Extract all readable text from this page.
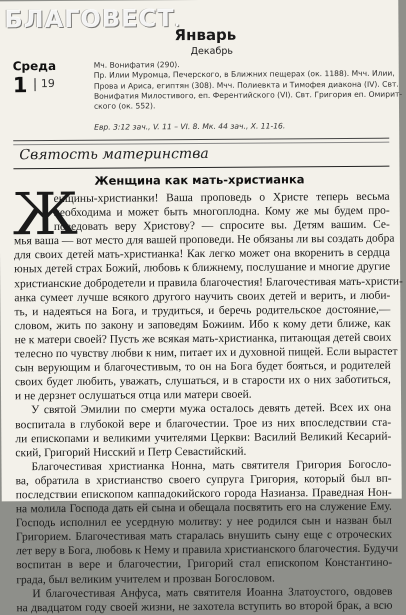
БЛАГОВЕСТ.
Январь
Декабрь
Среда
1 | 19
Мч. Вонифатия (290).
Пр. Илии Муромца, Печерского, в Ближних пещерах (ок. 1188). Мчч. Илии,
Прова и Ариса, египтян (308). Мчч. Полиевкта и Тимофея диакона (IV). Свт.
Вонифатия Милостивого, еп. Ферентийского (VI). Свт. Григория еп. Омирит-
ского (ок. 552).
Евр. 3:12 зач., V. 11 – VI. 8. Мк. 44 зач., X. 11-16.
Святость материнства
Женщина как мать-христианка
Ж
енщины-христианки! Ваша проповедь о Христе теперь весьма
необходима и может быть многоплодна. Кому же мы будем про-
поведовать веру Христову? — спросите вы. Детям вашим. Се-
мья ваша — вот место для вашей проповеди. Не обязаны ли вы создать добра
для своих детей мать-христианка! Как легко может она вкоренить в сердца
юных детей страх Божий, любовь к ближнему, послушание и многие другие
христианские добродетели и правила благочестия! Благочестивая мать-христи-
анка сумеет лучше всякого другого научить своих детей и верить, и люби-
ть, и надеяться на Бога, и трудиться, и беречь родительское достояние,—
словом, жить по закону и заповедям Божиим. Ибо к кому дети ближе, как
не к матери своей? Пусть же всякая мать-христианка, питающая детей своих
телесно по чувству любви к ним, питает их и духовной пищей. Если вырастет
сын верующим и благочестивым, то он на Бога будет бояться, и родителей
своих будет любить, уважать, слушаться, и в старости их о них заботиться,
и не дерзнет ослушаться отца или матери своей.
У святой Эмилии по смерти мужа осталось девять детей. Всех их она
воспитала в глубокой вере и благочестии. Трое из них впоследствии ста-
ли епископами и великими учителями Церкви: Василий Великий Кесарий-
ский, Григорий Нисский и Петр Севастийский.
Благочестивая христианка Нонна, мать святителя Григория Богосло-
ва, обратила в христианство своего супруга Григория, который был вп-
последствии епископом каппадокийского города Назианза. Праведная Нон-
на молила Господа дать ей сына и обещала посвятить его на служение Ему.
Господь исполнил ее усердную молитву: у нее родился сын и назван был
Григорием. Благочестивая мать старалась внушить сыну еще с отроческих
лет веру в Бога, любовь к Нему и правила христианского благочестия. Будучи
воспитан в вере и благочестии, Григорий стал епископом Константино-
града, был великим учителем и прозван Богословом.
И благочестивая Анфуса, мать святителя Иоанна Златоустого, овдовев
на двадцатом году своей жизни, не захотела вступить во второй брак, а всю
